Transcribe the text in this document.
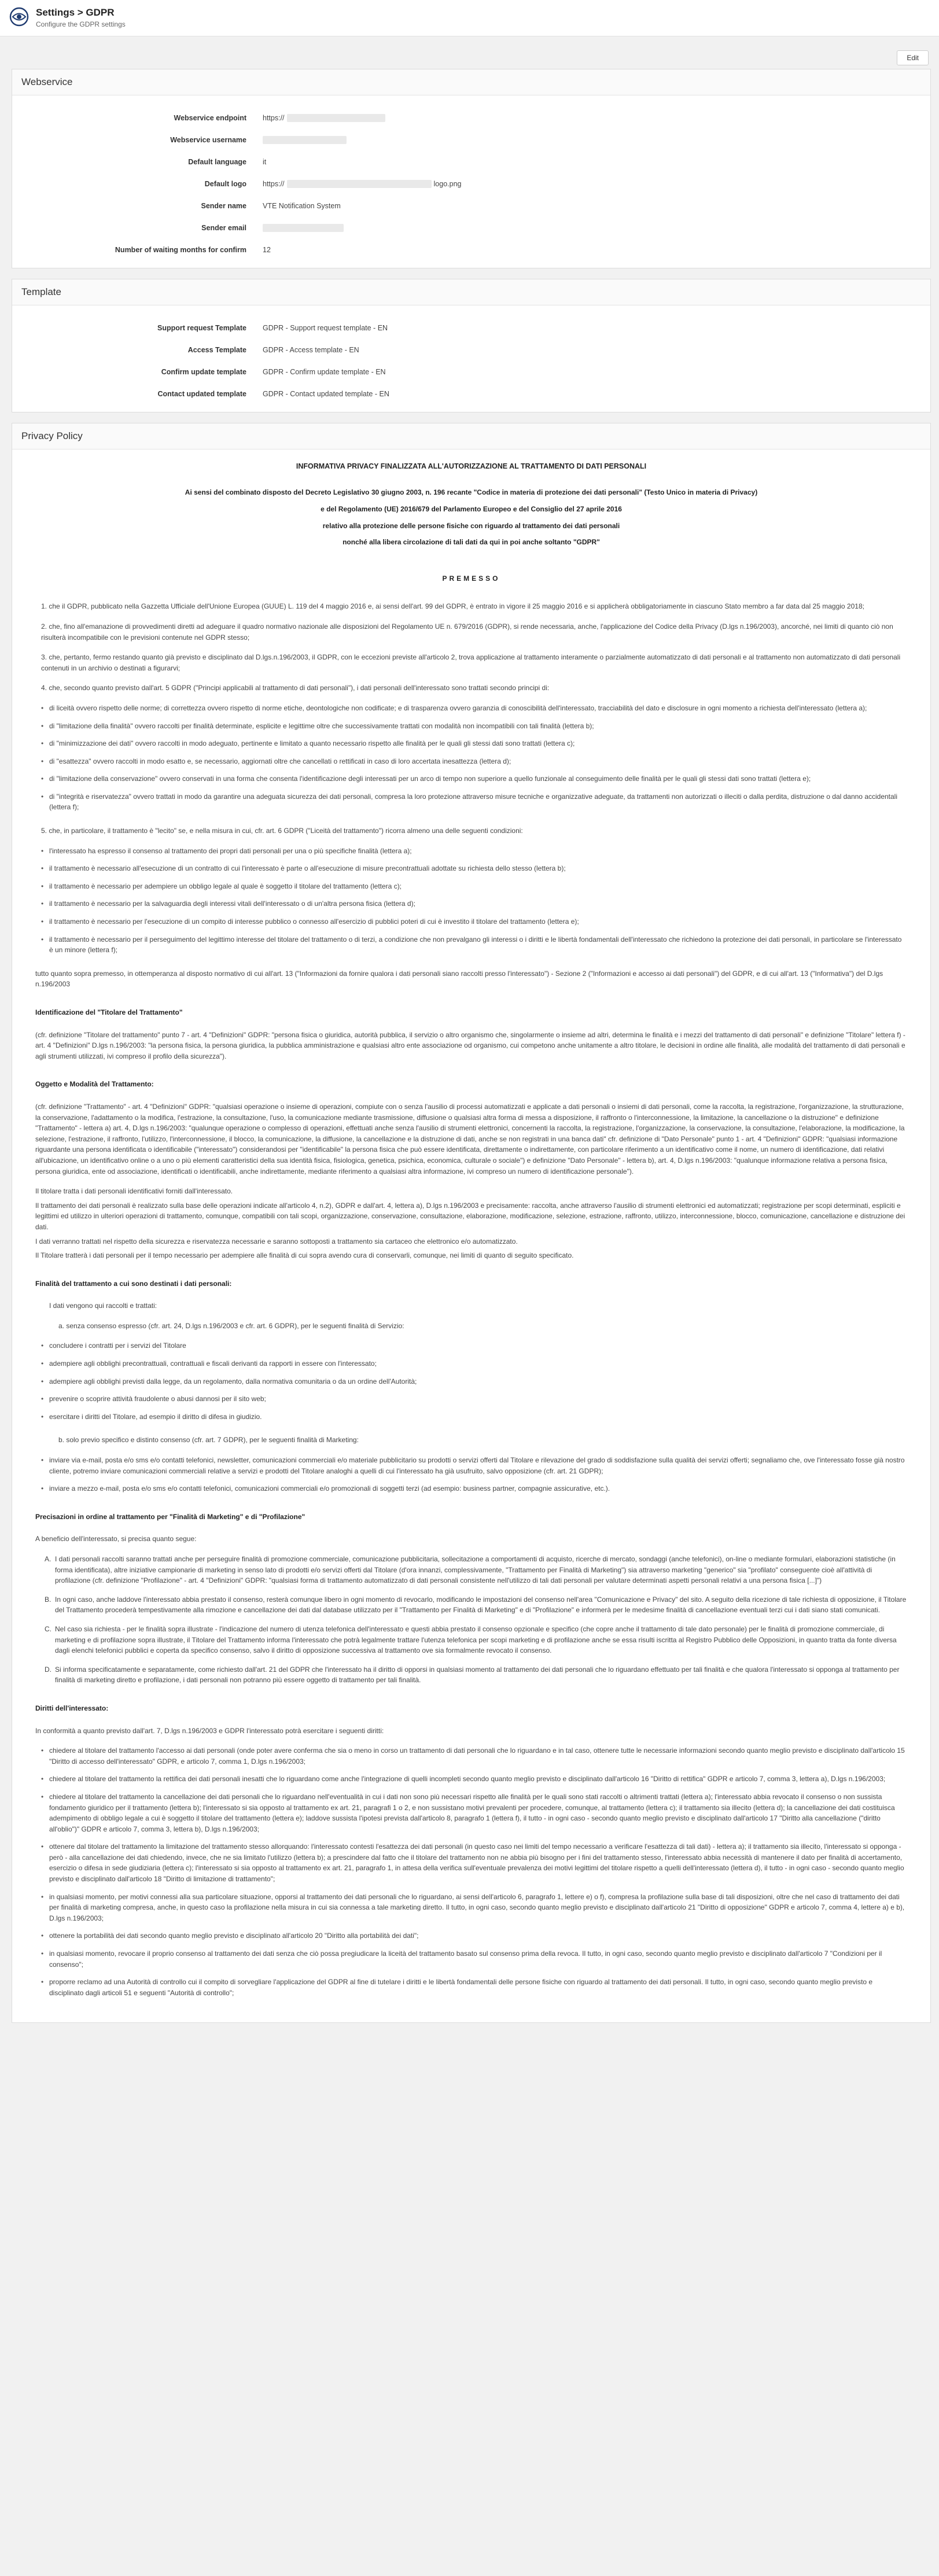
Settings > GDPR
Configure the GDPR settings
Edit
Webservice
Webservice endpoint https://
Webservice username
Default language it
Default logo https://	logo.png
Sender name VTE Notification System
Sender email
Number of waiting months for confirm 12
Template
Support request Template GDPR - Support request template - EN
Access Template GDPR - Access template - EN
Confirm update template GDPR - Confirm update template - EN
Contact updated template GDPR - Contact updated template - EN
Privacy Policy
INFORMATIVA PRIVACY FINALIZZATA ALL'AUTORIZZAZIONE AL TRATTAMENTO DI DATI PERSONALI

Ai sensi del combinato disposto del Decreto Legislativo 30 giugno 2003, n. 196 recante "Codice in materia di protezione dei dati personali" (Testo Unico in materia di Privacy)

e del Regolamento (UE) 2016/679 del Parlamento Europeo e del Consiglio del 27 aprile 2016

relativo alla protezione delle persone fisiche con riguardo al trattamento dei dati personali

nonché alla libera circolazione di tali dati da qui in poi anche soltanto "GDPR"

PREMESSO

1. che il GDPR, pubblicato nella Gazzetta Ufficiale dell'Unione Europea (GUUE) L. 119 del 4 maggio 2016 e, ai sensi dell'art. 99 del GDPR, è entrato in vigore il 25 maggio 2016 e si applicherà obbligatoriamente in ciascuno Stato membro a far data dal 25 maggio 2018;

2. che, fino all'emanazione di provvedimenti diretti ad adeguare il quadro normativo nazionale alle disposizioni del Regolamento UE n. 679/2016 (GDPR), si rende necessaria, anche, l'applicazione del Codice della Privacy (D.lgs n.196/2003), ancorché, nei limiti di quanto ciò non risulterà incompatibile con le previsioni contenute nel GDPR stesso;

3. che, pertanto, fermo restando quanto già previsto e disciplinato dal D.lgs.n.196/2003, il GDPR, con le eccezioni previste all'articolo 2, trova applicazione al trattamento interamente o parzialmente automatizzato di dati personali e al trattamento non automatizzato di dati personali contenuti in un archivio o destinati a figurarvi;

4. che, secondo quanto previsto dall'art. 5 GDPR ("Principi applicabili al trattamento di dati personali"), i dati personali dell'interessato sono trattati secondo principi di:

• di liceità ovvero rispetto delle norme; di correttezza ovvero rispetto di norme etiche, deontologiche non codificate; e di trasparenza ovvero garanzia di conoscibilità dell'interessato, tracciabilità del dato e disclosure in ogni momento a richiesta dell'interessato (lettera a);
• di "limitazione della finalità" ovvero raccolti per finalità determinate, esplicite e legittime oltre che successivamente trattati con modalità non incompatibili con tali finalità (lettera b);
• di "minimizzazione dei dati" ovvero raccolti in modo adeguato, pertinente e limitato a quanto necessario rispetto alle finalità per le quali gli stessi dati sono trattati (lettera c);
• di "esattezza" ovvero raccolti in modo esatto e, se necessario, aggiornati oltre che cancellati o rettificati in caso di loro accertata inesattezza (lettera d);
• di "limitazione della conservazione" ovvero conservati in una forma che consenta l'identificazione degli interessati per un arco di tempo non superiore a quello funzionale al conseguimento delle finalità per le quali gli stessi dati sono trattati (lettera e);
• di "integrità e riservatezza" ovvero trattati in modo da garantire una adeguata sicurezza dei dati personali, compresa la loro protezione attraverso misure tecniche e organizzative adeguate, da trattamenti non autorizzati o illeciti o dalla perdita, distruzione o dal danno accidentali (lettera f);

5. che, in particolare, il trattamento è "lecito" se, e nella misura in cui, cfr. art. 6 GDPR ("Liceità del trattamento") ricorra almeno una delle seguenti condizioni:

• l'interessato ha espresso il consenso al trattamento dei propri dati personali per una o più specifiche finalità (lettera a);
• il trattamento è necessario all'esecuzione di un contratto di cui l'interessato è parte o all'esecuzione di misure precontrattuali adottate su richiesta dello stesso (lettera b);
• il trattamento è necessario per adempiere un obbligo legale al quale è soggetto il titolare del trattamento (lettera c);
• il trattamento è necessario per la salvaguardia degli interessi vitali dell'interessato o di un'altra persona fisica (lettera d);
• il trattamento è necessario per l'esecuzione di un compito di interesse pubblico o connesso all'esercizio di pubblici poteri di cui è investito il titolare del trattamento (lettera e);
• il trattamento è necessario per il perseguimento del legittimo interesse del titolare del trattamento o di terzi, a condizione che non prevalgano gli interessi o i diritti e le libertà fondamentali dell'interessato che richiedono la protezione dei dati personali, in particolare se l'interessato è un minore (lettera f);

tutto quanto sopra premesso, in ottemperanza al disposto normativo di cui all'art. 13 ("Informazioni da fornire qualora i dati personali siano raccolti presso l'interessato") - Sezione 2 ("Informazioni e accesso ai dati personali") del GDPR, e di cui all'art. 13 ("Informativa") del D.lgs n.196/2003

Identificazione del "Titolare del Trattamento"

(cfr. definizione "Titolare del trattamento" punto 7 - art. 4 "Definizioni" GDPR: "persona fisica o giuridica, autorità pubblica, il servizio o altro organismo che, singolarmente o insieme ad altri, determina le finalità e i mezzi del trattamento di dati personali" e definizione "Titolare" lettera f) - art. 4 "Definizioni" D.lgs n.196/2003: "la persona fisica, la persona giuridica, la pubblica amministrazione e qualsiasi altro ente associazione od organismo, cui competono anche unitamente a altro titolare, le decisioni in ordine alle finalità, alle modalità del trattamento di dati personali e agli strumenti utilizzati, ivi compreso il profilo della sicurezza").

Oggetto e Modalità del Trattamento:

(cfr. definizione "Trattamento" - art. 4 "Definizioni" GDPR: "qualsiasi operazione o insieme di operazioni, compiute con o senza l'ausilio di processi automatizzati e applicate a dati personali o insiemi di dati personali, come la raccolta, la registrazione, l'organizzazione, la strutturazione, la conservazione, l'adattamento o la modifica, l'estrazione, la consultazione, l'uso, la comunicazione mediante trasmissione, diffusione o qualsiasi altra forma di messa a disposizione, il raffronto o l'interconnessione, la limitazione, la cancellazione o la distruzione" e definizione "Trattamento" - lettera a) art. 4, D.lgs n.196/2003: "qualunque operazione o complesso di operazioni, effettuati anche senza l'ausilio di strumenti elettronici, concernenti la raccolta, la registrazione, l'organizzazione, la conservazione, la consultazione, l'elaborazione, la modificazione, la selezione, l'estrazione, il raffronto, l'utilizzo, l'interconnessione, il blocco, la comunicazione, la diffusione, la cancellazione e la distruzione di dati, anche se non registrati in una banca dati" cfr. definizione di "Dato Personale" punto 1 - art. 4 "Definizioni" GDPR: "qualsiasi informazione riguardante una persona identificata o identificabile ("interessato") considerandosi per "identificabile" la persona fisica che può essere identificata, direttamente o indirettamente, con particolare riferimento a un identificativo come il nome, un numero di identificazione, dati relativi all'ubicazione, un identificativo online o a uno o più elementi caratteristici della sua identità fisica, fisiologica, genetica, psichica, economica, culturale o sociale") e definizione "Dato Personale" - lettera b), art. 4, D.lgs n.196/2003: "qualunque informazione relativa a persona fisica, persona giuridica, ente od associazione, identificati o identificabili, anche indirettamente, mediante riferimento a qualsiasi altra informazione, ivi compreso un numero di identificazione personale").

Il titolare tratta i dati personali identificativi forniti dall'interessato.

Il trattamento dei dati personali è realizzato sulla base delle operazioni indicate all'articolo 4, n.2), GDPR e dall'art. 4, lettera a), D.lgs n.196/2003 e precisamente: raccolta, anche attraverso l'ausilio di strumenti elettronici ed automatizzati; registrazione per scopi determinati, espliciti e legittimi ed utilizzo in ulteriori operazioni di trattamento, comunque, compatibili con tali scopi, organizzazione, conservazione, consultazione, elaborazione, modificazione, selezione, estrazione, raffronto, utilizzo, interconnessione, blocco, comunicazione, cancellazione e distruzione dei dati.

I dati verranno trattati nel rispetto della sicurezza e riservatezza necessarie e saranno sottoposti a trattamento sia cartaceo che elettronico e/o automatizzato.

Il Titolare tratterà i dati personali per il tempo necessario per adempiere alle finalità di cui sopra avendo cura di conservarli, comunque, nei limiti di quanto di seguito specificato.

Finalità del trattamento a cui sono destinati i dati personali:

I dati vengono qui raccolti e trattati:

a. senza consenso espresso (cfr. art. 24, D.lgs n.196/2003 e cfr. art. 6 GDPR), per le seguenti finalità di Servizio:

• concludere i contratti per i servizi del Titolare
• adempiere agli obblighi precontrattuali, contrattuali e fiscali derivanti da rapporti in essere con l'interessato;
• adempiere agli obblighi previsti dalla legge, da un regolamento, dalla normativa comunitaria o da un ordine dell'Autorità;
• prevenire o scoprire attività fraudolente o abusi dannosi per il sito web;
• esercitare i diritti del Titolare, ad esempio il diritto di difesa in giudizio.

b. solo previo specifico e distinto consenso (cfr. art. 7 GDPR), per le seguenti finalità di Marketing:

• inviare via e-mail, posta e/o sms e/o contatti telefonici, newsletter, comunicazioni commerciali e/o materiale pubblicitario su prodotti o servizi offerti dal Titolare e rilevazione del grado di soddisfazione sulla qualità dei servizi offerti; segnaliamo che, ove l'interessato fosse già nostro cliente, potremo inviare comunicazioni commerciali relative a servizi e prodotti del Titolare analoghi a quelli di cui l'interessato ha già usufruito, salvo opposizione (cfr. art. 21 GDPR);
• inviare a mezzo e-mail, posta e/o sms e/o contatti telefonici, comunicazioni commerciali e/o promozionali di soggetti terzi (ad esempio: business partner, compagnie assicurative, etc.).
Precisazioni in ordine al trattamento per "Finalità di Marketing" e di "Profilazione"

A beneficio dell'interessato, si precisa quanto segue:

A. I dati personali raccolti saranno trattati anche per perseguire finalità di promozione commerciale, comunicazione pubblicitaria, sollecitazione a comportamenti di acquisto, ricerche di mercato, sondaggi (anche telefonici), on-line o mediante formulari, elaborazioni statistiche (in forma identificata), altre iniziative campionarie di marketing in senso lato di prodotti e/o servizi offerti dal Titolare (d'ora innanzi, complessivamente, "Trattamento per Finalità di Marketing") sia attraverso marketing "generico" sia "profilato" conseguente cioè all'attività di profilazione (cfr. definizione "Profilazione" - art. 4 "Definizioni" GDPR: "qualsiasi forma di trattamento automatizzato di dati personali consistente nell'utilizzo di tali dati personali per valutare determinati aspetti personali relativi a una persona fisica [...]")
B. In ogni caso, anche laddove l'interessato abbia prestato il consenso, resterà comunque libero in ogni momento di revocarlo, modificando le impostazioni del consenso nell'area "Comunicazione e Privacy" del sito. A seguito della ricezione di tale richiesta di opposizione, il Titolare del Trattamento procederà tempestivamente alla rimozione e cancellazione dei dati dal database utilizzato per il "Trattamento per Finalità di Marketing" e di "Profilazione" e informerà per le medesime finalità di cancellazione eventuali terzi cui i dati siano stati comunicati.
C. Nel caso sia richiesta - per le finalità sopra illustrate - l'indicazione del numero di utenza telefonica dell'interessato e questi abbia prestato il consenso opzionale e specifico (che copre anche il trattamento di tale dato personale) per le finalità di promozione commerciale, di marketing e di profilazione sopra illustrate, il Titolare del Trattamento informa l'interessato che potrà legalmente trattare l'utenza telefonica per scopi marketing e di profilazione anche se essa risulti iscritta al Registro Pubblico delle Opposizioni, in quanto tratta da fonte diversa dagli elenchi telefonici pubblici e coperta da specifico consenso, salvo il diritto di opposizione successiva al trattamento ove sia formalmente revocato il consenso.
D. Si informa specificatamente e separatamente, come richiesto dall'art. 21 del GDPR che l'interessato ha il diritto di opporsi in qualsiasi momento al trattamento dei dati personali che lo riguardano effettuato per tali finalità e che qualora l'interessato si opponga al trattamento per finalità di marketing diretto e profilazione, i dati personali non potranno più essere oggetto di trattamento per tali finalità.
Diritti dell'interessato:

In conformità a quanto previsto dall'art. 7, D.lgs n.196/2003 e GDPR l'interessato potrà esercitare i seguenti diritti:

• chiedere al titolare del trattamento l'accesso ai dati personali (onde poter avere conferma che sia o meno in corso un trattamento di dati personali che lo riguardano e in tal caso, ottenere tutte le necessarie informazioni secondo quanto meglio previsto e disciplinato dall'articolo 15 "Diritto di accesso dell'interessato" GDPR, e articolo 7, comma 1, D.lgs n.196/2003;
• chiedere al titolare del trattamento la rettifica dei dati personali inesatti che lo riguardano come anche l'integrazione di quelli incompleti secondo quanto meglio previsto e disciplinato dall'articolo 16 "Diritto di rettifica" GDPR e articolo 7, comma 3, lettera a), D.lgs n.196/2003;
• chiedere al titolare del trattamento la cancellazione dei dati personali che lo riguardano nell'eventualità in cui i dati non sono più necessari rispetto alle finalità per le quali sono stati raccolti o altrimenti trattati (lettera a); l'interessato abbia revocato il consenso o non sussista fondamento giuridico per il trattamento (lettera b); l'interessato si sia opposto al trattamento ex art. 21, paragrafi 1 o 2, e non sussistano motivi prevalenti per procedere, comunque, al trattamento (lettera c); il trattamento sia illecito (lettera d); la cancellazione dei dati costituisca adempimento di obbligo legale a cui è soggetto il titolare del trattamento (lettera e); laddove sussista l'ipotesi prevista dall'articolo 8, paragrafo 1 (lettera f), il tutto - in ogni caso - secondo quanto meglio previsto e disciplinato dall'articolo 17 "Diritto alla cancellazione ("diritto all'oblio")" GDPR e articolo 7, comma 3, lettera b), D.lgs n.196/2003;
• ottenere dal titolare del trattamento la limitazione del trattamento stesso allorquando: l'interessato contesti l'esattezza dei dati personali (in questo caso nei limiti del tempo necessario a verificare l'esattezza di tali dati) - lettera a); il trattamento sia illecito, l'interessato si opponga - però - alla cancellazione dei dati chiedendo, invece, che ne sia limitato l'utilizzo (lettera b); a prescindere dal fatto che il titolare del trattamento non ne abbia più bisogno per i fini del trattamento stesso, l'interessato abbia necessità di mantenere il dato per finalità di accertamento, esercizio o difesa in sede giudiziaria (lettera c); l'interessato si sia opposto al trattamento ex art. 21, paragrafo 1, in attesa della verifica sull'eventuale prevalenza dei motivi legittimi del titolare rispetto a quelli dell'interessato (lettera d), il tutto - in ogni caso - secondo quanto meglio previsto e disciplinato dall'articolo 18 "Diritto di limitazione di trattamento";
• in qualsiasi momento, per motivi connessi alla sua particolare situazione, opporsi al trattamento dei dati personali che lo riguardano, ai sensi dell'articolo 6, paragrafo 1, lettere e) o f), compresa la profilazione sulla base di tali disposizioni, oltre che nel caso di trattamento dei dati per finalità di marketing compresa, anche, in questo caso la profilazione nella misura in cui sia connessa a tale marketing diretto. Il tutto, in ogni caso, secondo quanto meglio previsto e disciplinato dall'articolo 21 "Diritto di opposizione" GDPR e articolo 7, comma 4, lettere a) e b), D.lgs n.196/2003;
• ottenere la portabilità dei dati secondo quanto meglio previsto e disciplinato all'articolo 20 "Diritto alla portabilità dei dati";
• in qualsiasi momento, revocare il proprio consenso al trattamento dei dati senza che ciò possa pregiudicare la liceità del trattamento basato sul consenso prima della revoca. Il tutto, in ogni caso, secondo quanto meglio previsto e disciplinato dall'articolo 7 "Condizioni per il consenso";
• proporre reclamo ad una Autorità di controllo cui il compito di sorvegliare l'applicazione del GDPR al fine di tutelare i diritti e le libertà fondamentali delle persone fisiche con riguardo al trattamento dei dati personali. Il tutto, in ogni caso, secondo quanto meglio previsto e disciplinato dagli articoli 51 e seguenti "Autorità di controllo";
